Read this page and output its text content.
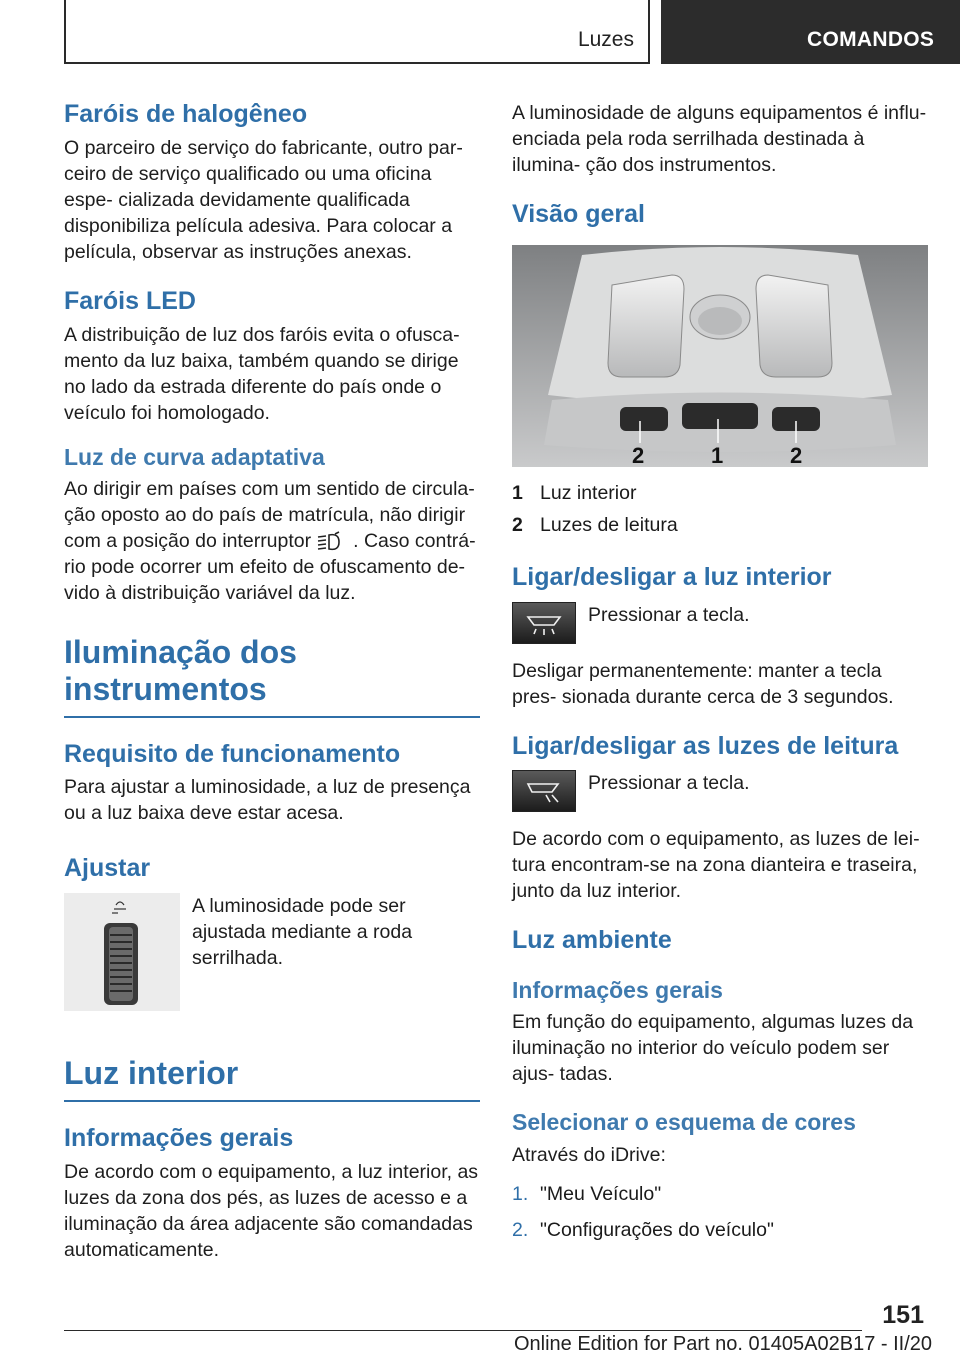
Luzes	COMANDOS
Faróis de halogêneo

O parceiro de serviço do fabricante, outro par- ceiro de serviço qualificado ou uma oficina espe- cializada devidamente qualificada disponibiliza película adesiva. Para colocar a película, observar as instruções anexas.

Faróis LED

A distribuição de luz dos faróis evita o ofusca- mento da luz baixa, também quando se dirige no lado da estrada diferente do país onde o veículo foi homologado.

Luz de curva adaptativa

Ao dirigir em países com um sentido de circula- ção oposto ao do país de matrícula, não dirigir com a posição do interruptor . Caso contrá- rio pode ocorrer um efeito de ofuscamento de- vido à distribuição variável da luz.

Iluminação dos instrumentos
Requisito de funcionamento

Para ajustar a luminosidade, a luz de presença ou a luz baixa deve estar acesa.

Ajustar

A luminosidade pode ser ajustada mediante a roda serrilhada.

Luz interior
Informações gerais

De acordo com o equipamento, a luz interior, as luzes da zona dos pés, as luzes de acesso e a iluminação da área adjacente são comandadas automaticamente.

A luminosidade de alguns equipamentos é influ- enciada pela roda serrilhada destinada à ilumina- ção dos instrumentos.

Visão geral
2	1	2
1 Luz interior
2 Luzes de leitura
Ligar/desligar a luz interior

Pressionar a tecla.

Desligar permanentemente: manter a tecla pres- sionada durante cerca de 3 segundos.

Ligar/desligar as luzes de leitura

Pressionar a tecla.

De acordo com o equipamento, as luzes de lei- tura encontram-se na zona dianteira e traseira, junto da luz interior.

Luz ambiente
Informações gerais

Em função do equipamento, algumas luzes da iluminação no interior do veículo podem ser ajus- tadas.

Selecionar o esquema de cores

Através do iDrive:

1. "Meu Veículo"
2. "Configurações do veículo"
151
Online Edition for Part no. 01405A02B17 - II/20
